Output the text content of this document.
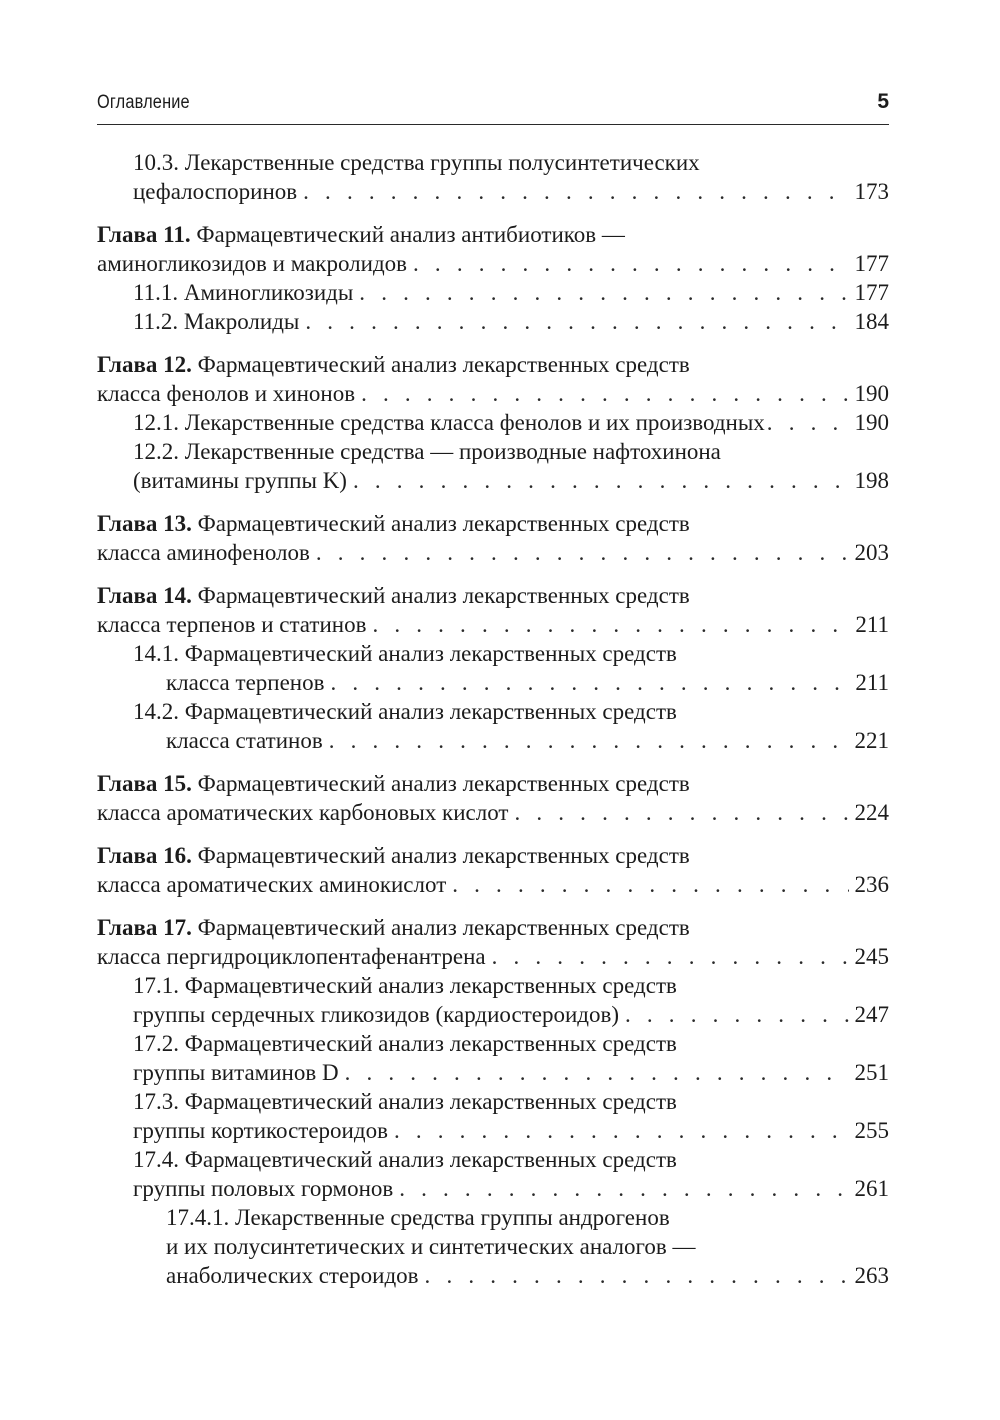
Оглавление	5
10.3. Лекарственные средства группы полусинтетических
цефалоспоринов . . .	173
Глава 11. Фармацевтический анализ антибиотиков —
аминогликозидов и макролидов . . .	177
11.1. Аминогликозиды . . .	177
11.2. Макролиды . . .	184
Глава 12. Фармацевтический анализ лекарственных средств
класса фенолов и хинонов . . .	190
12.1. Лекарственные средства класса фенолов и их производных . . .	190
12.2. Лекарственные средства — производные нафтохинона
(витамины группы K) . . .	198
Глава 13. Фармацевтический анализ лекарственных средств
класса аминофенолов . . .	203
Глава 14. Фармацевтический анализ лекарственных средств
класса терпенов и статинов . . .	211
14.1. Фармацевтический анализ лекарственных средств
класса терпенов . . .	211
14.2. Фармацевтический анализ лекарственных средств
класса статинов . . .	221
Глава 15. Фармацевтический анализ лекарственных средств
класса ароматических карбоновых кислот . . .	224
Глава 16. Фармацевтический анализ лекарственных средств
класса ароматических аминокислот . . .	236
Глава 17. Фармацевтический анализ лекарственных средств
класса пергидроциклопентафенантрена . . .	245
17.1. Фармацевтический анализ лекарственных средств
группы сердечных гликозидов (кардиостероидов) . . .	247
17.2. Фармацевтический анализ лекарственных средств
группы витаминов D . . .	251
17.3. Фармацевтический анализ лекарственных средств
группы кортикостероидов . . .	255
17.4. Фармацевтический анализ лекарственных средств
группы половых гормонов . . .	261
17.4.1. Лекарственные средства группы андрогенов
и их полусинтетических и синтетических аналогов —
анаболических стероидов . . .	263
